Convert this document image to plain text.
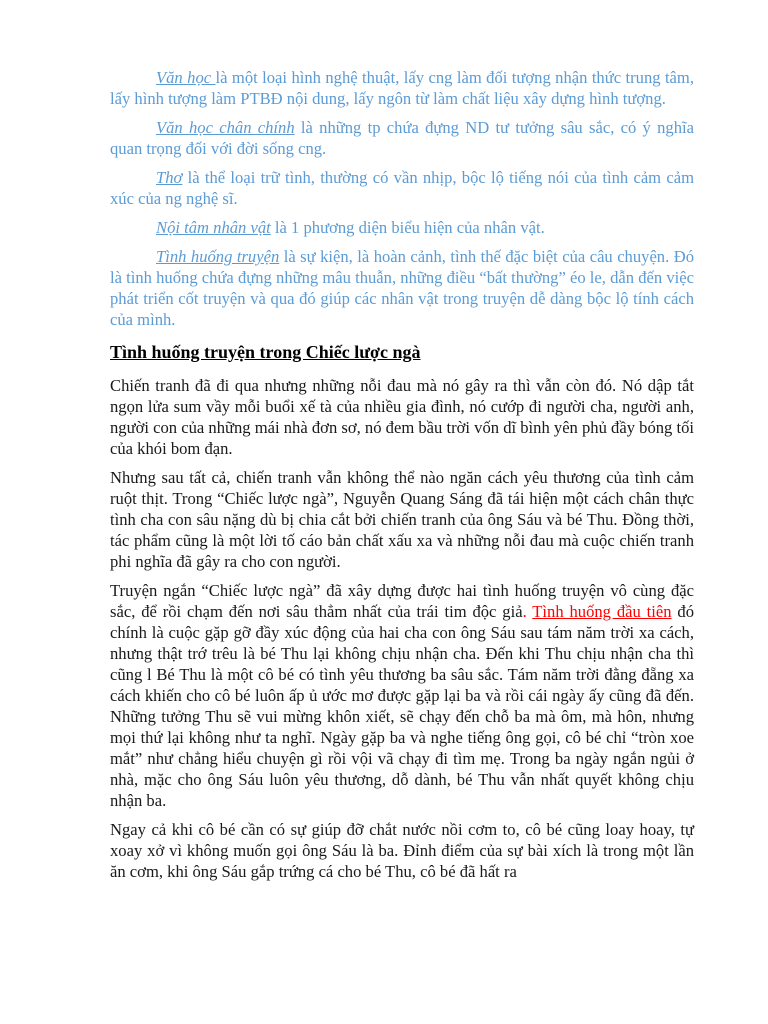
Văn học là một loại hình nghệ thuật, lấy cng làm đối tượng nhận thức trung tâm, lấy hình tượng làm PTBĐ nội dung, lấy ngôn từ làm chất liệu xây dựng hình tượng.

Văn học chân chính là những tp chứa đựng ND tư tưởng sâu sắc, có ý nghĩa quan trọng đối với đời sống cng.

Thơ là thể loại trữ tình, thường có vần nhịp, bộc lộ tiếng nói của tình cảm cảm xúc của ng nghệ sĩ.

Nội tâm nhân vật là 1 phương diện biểu hiện của nhân vật.

Tình huống truyện là sự kiện, là hoàn cảnh, tình thế đặc biệt của câu chuyện. Đó là tình huống chứa đựng những mâu thuẫn, những điều “bất thường” éo le, dẫn đến việc phát triển cốt truyện và qua đó giúp các nhân vật trong truyện dễ dàng bộc lộ tính cách của mình.

Tình huống truyện trong Chiếc lược ngà

Chiến tranh đã đi qua nhưng những nỗi đau mà nó gây ra thì vẫn còn đó. Nó dập tắt ngọn lửa sum vầy mỗi buổi xế tà của nhiều gia đình, nó cướp đi người cha, người anh, người con của những mái nhà đơn sơ, nó đem bầu trời vốn dĩ bình yên phủ đầy bóng tối của khói bom đạn.

Nhưng sau tất cả, chiến tranh vẫn không thể nào ngăn cách yêu thương của tình cảm ruột thịt. Trong “Chiếc lược ngà”, Nguyễn Quang Sáng đã tái hiện một cách chân thực tình cha con sâu nặng dù bị chia cắt bởi chiến tranh của ông Sáu và bé Thu. Đồng thời, tác phẩm cũng là một lời tố cáo bản chất xấu xa và những nỗi đau mà cuộc chiến tranh phi nghĩa đã gây ra cho con người.

Truyện ngắn “Chiếc lược ngà” đã xây dựng được hai tình huống truyện vô cùng đặc sắc, để rồi chạm đến nơi sâu thẳm nhất của trái tim độc giả. Tình huống đầu tiên đó chính là cuộc gặp gỡ đầy xúc động của hai cha con ông Sáu sau tám năm trời xa cách, nhưng thật trớ trêu là bé Thu lại không chịu nhận cha. Đến khi Thu chịu nhận cha thì cũng l Bé Thu là một cô bé có tình yêu thương ba sâu sắc. Tám năm trời đằng đẵng xa cách khiến cho cô bé luôn ấp ủ ước mơ được gặp lại ba và rồi cái ngày ấy cũng đã đến. Những tưởng Thu sẽ vui mừng khôn xiết, sẽ chạy đến chỗ ba mà ôm, mà hôn, nhưng mọi thứ lại không như ta nghĩ. Ngày gặp ba và nghe tiếng ông gọi, cô bé chỉ “tròn xoe mắt” như chẳng hiểu chuyện gì rồi vội vã chạy đi tìm mẹ. Trong ba ngày ngắn ngủi ở nhà, mặc cho ông Sáu luôn yêu thương, dỗ dành, bé Thu vẫn nhất quyết không chịu nhận ba.

Ngay cả khi cô bé cần có sự giúp đỡ chắt nước nồi cơm to, cô bé cũng loay hoay, tự xoay xở vì không muốn gọi ông Sáu là ba. Đỉnh điểm của sự bài xích là trong một lần ăn cơm, khi ông Sáu gắp trứng cá cho bé Thu, cô bé đã hất ra
